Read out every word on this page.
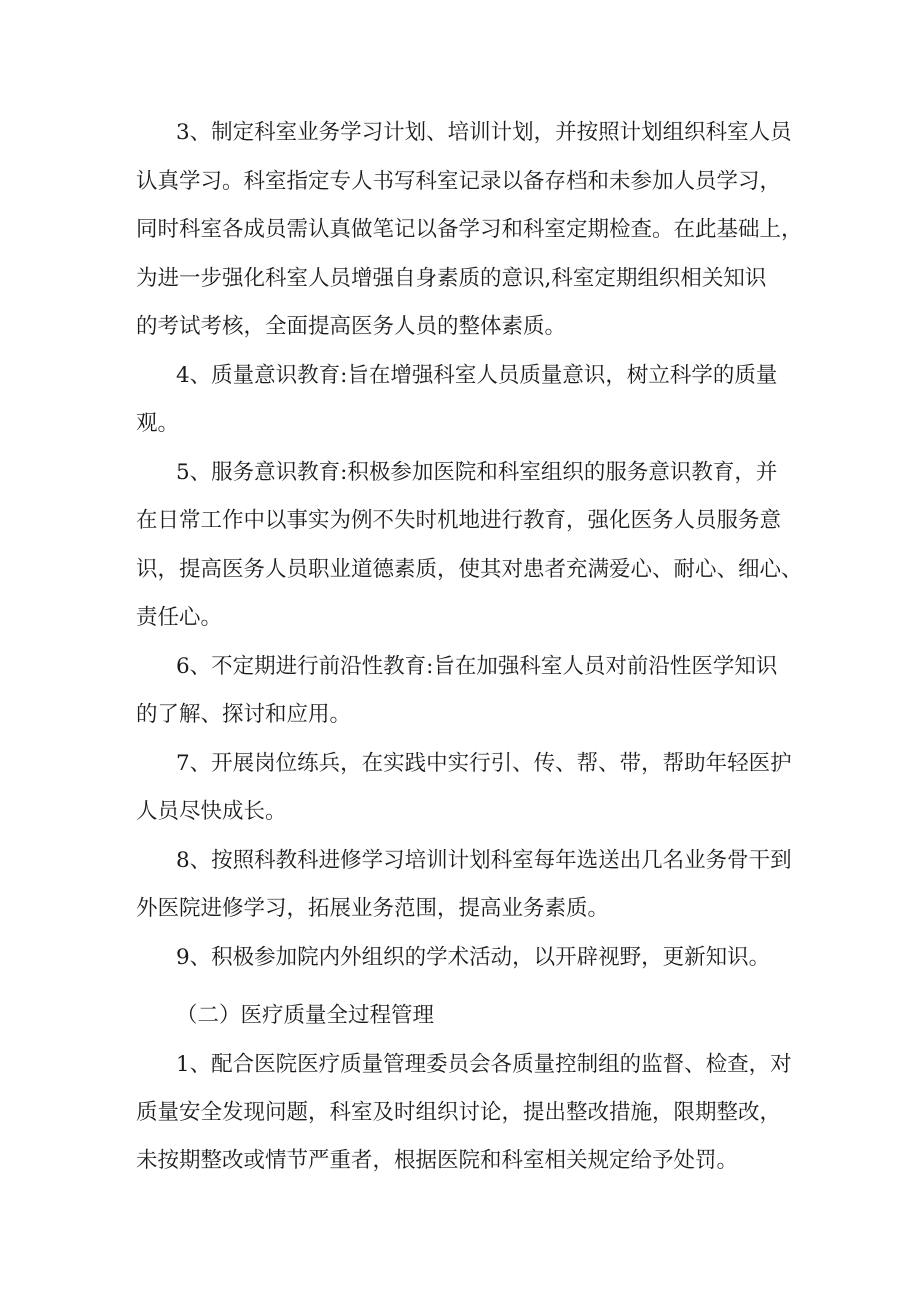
3、制定科室业务学习计划、培训计划，并按照计划组织科室人员
认真学习。科室指定专人书写科室记录以备存档和未参加人员学习，
同时科室各成员需认真做笔记以备学习和科室定期检查。在此基础上，
为进一步强化科室人员增强自身素质的意识,科室定期组织相关知识
的考试考核，全面提高医务人员的整体素质。
4、质量意识教育:旨在增强科室人员质量意识，树立科学的质量
观。
5、服务意识教育:积极参加医院和科室组织的服务意识教育，并
在日常工作中以事实为例不失时机地进行教育，强化医务人员服务意
识，提高医务人员职业道德素质，使其对患者充满爱心、耐心、细心、
责任心。
6、不定期进行前沿性教育:旨在加强科室人员对前沿性医学知识
的了解、探讨和应用。
7、开展岗位练兵，在实践中实行引、传、帮、带，帮助年轻医护
人员尽快成长。
8、按照科教科进修学习培训计划科室每年选送出几名业务骨干到
外医院进修学习，拓展业务范围，提高业务素质。
9、积极参加院内外组织的学术活动，以开辟视野，更新知识。
（二）医疗质量全过程管理
1、配合医院医疗质量管理委员会各质量控制组的监督、检查，对
质量安全发现问题，科室及时组织讨论，提出整改措施，限期整改，
未按期整改或情节严重者，根据医院和科室相关规定给予处罚。
